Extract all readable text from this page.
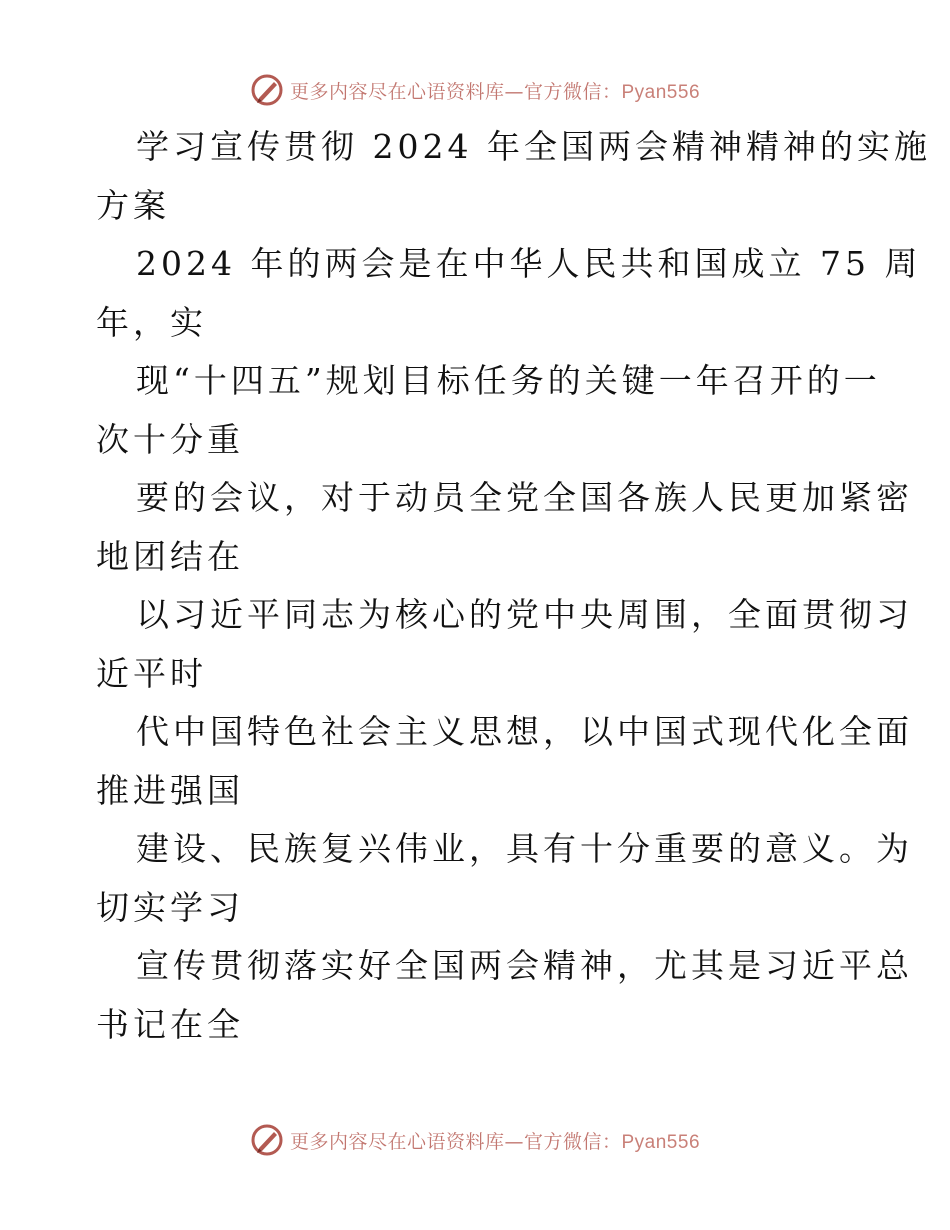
更多内容尽在心语资料库—官方微信：Pyan556
学习宣传贯彻 2024 年全国两会精神精神的实施
方案
2024 年的两会是在中华人民共和国成立 75 周
年，实
现“十四五”规划目标任务的关键一年召开的一
次十分重
要的会议，对于动员全党全国各族人民更加紧密
地团结在
以习近平同志为核心的党中央周围，全面贯彻习
近平时
代中国特色社会主义思想，以中国式现代化全面
推进强国
建设、民族复兴伟业，具有十分重要的意义。为
切实学习
宣传贯彻落实好全国两会精神，尤其是习近平总
书记在全
更多内容尽在心语资料库—官方微信：Pyan556
